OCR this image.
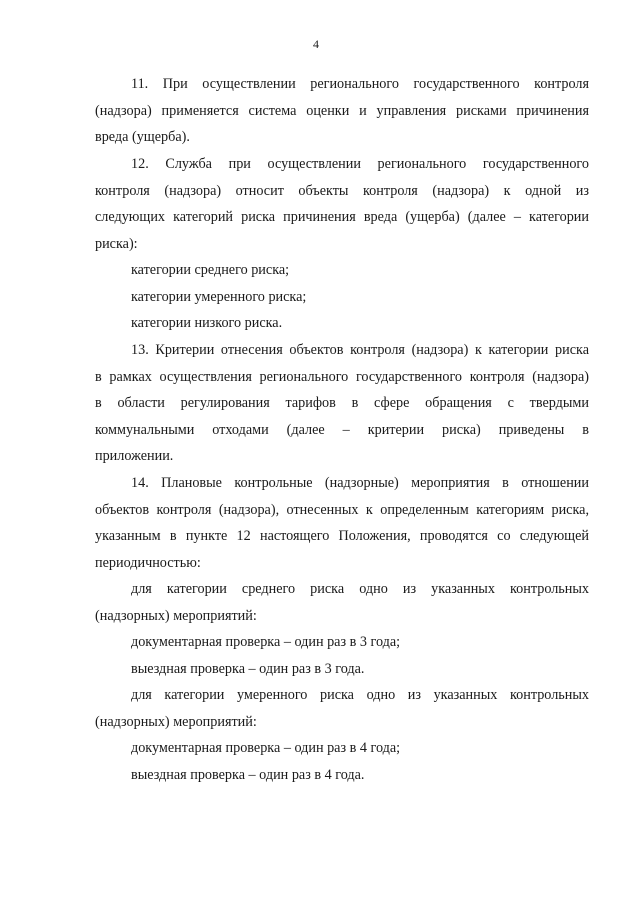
4

11. При осуществлении регионального государственного контроля

(надзора) применяется система оценки и управления рисками причинения

вреда (ущерба).

12. Служба при осуществлении регионального государственного

контроля (надзора) относит объекты контроля (надзора) к одной из

следующих категорий риска причинения вреда (ущерба) (далее – категории

риска):

категории среднего риска;

категории умеренного риска;

категории низкого риска.

13. Критерии отнесения объектов контроля (надзора) к категории риска

в рамках осуществления регионального государственного контроля (надзора)

в области регулирования тарифов в сфере обращения с твердыми

коммунальными отходами (далее – критерии риска) приведены в

приложении.

14. Плановые контрольные (надзорные) мероприятия в отношении

объектов контроля (надзора), отнесенных к определенным категориям риска,

указанным в пункте 12 настоящего Положения, проводятся со следующей

периодичностью:

для категории среднего риска одно из указанных контрольных

(надзорных) мероприятий:

документарная проверка – один раз в 3 года;

выездная проверка – один раз в 3 года.

для категории умеренного риска одно из указанных контрольных

(надзорных) мероприятий:

документарная проверка – один раз в 4 года;

выездная проверка – один раз в 4 года.
